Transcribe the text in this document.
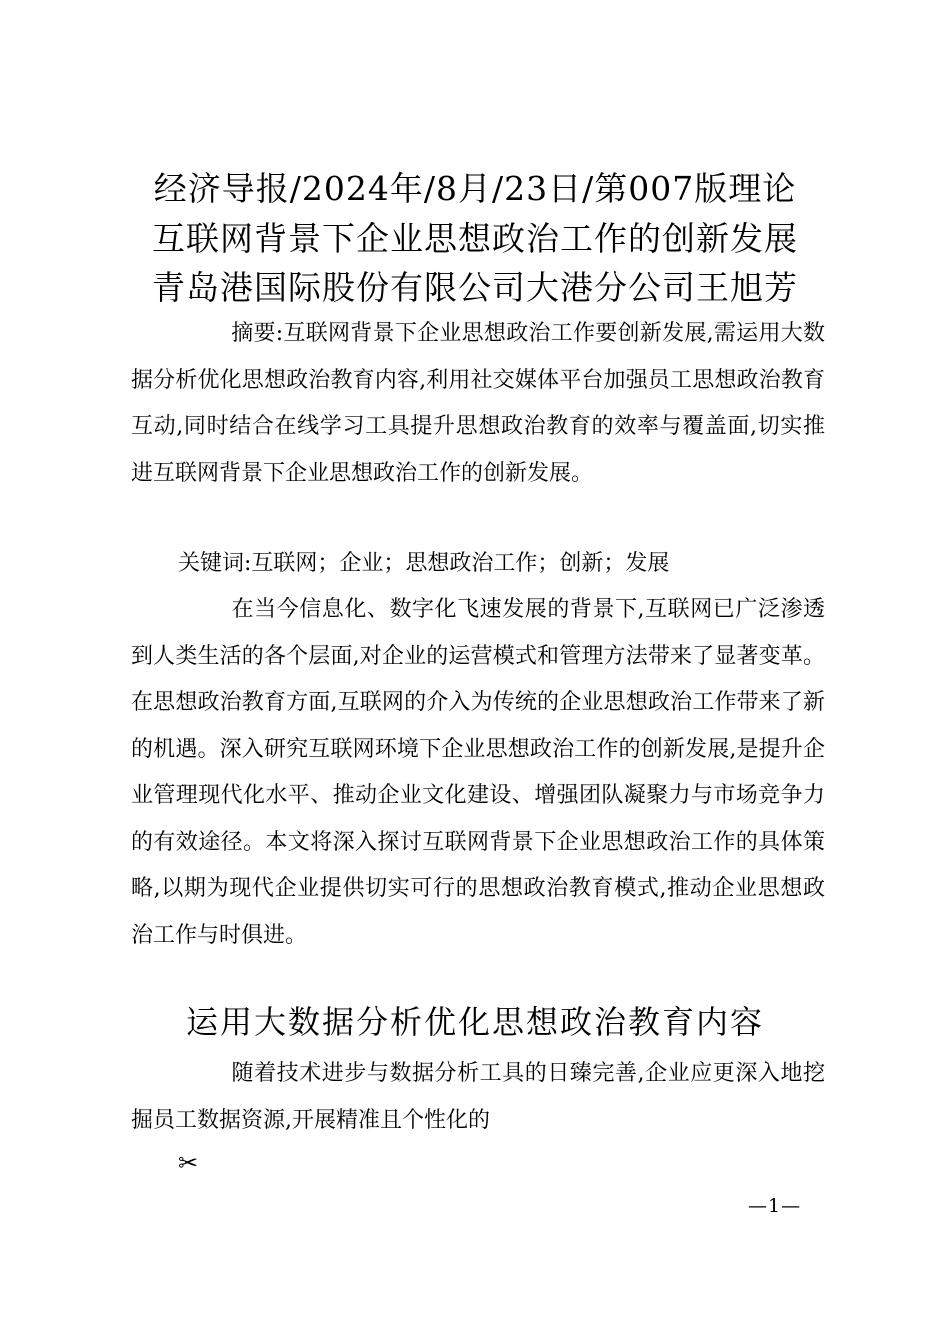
经济导报/2024年/8月/23日/第007版理论
互联网背景下企业思想政治工作的创新发展
青岛港国际股份有限公司大港分公司王旭芳

摘要:互联网背景下企业思想政治工作要创新发展,需运用大数据分析优化思想政治教育内容,利用社交媒体平台加强员工思想政治教育互动,同时结合在线学习工具提升思想政治教育的效率与覆盖面,切实推进互联网背景下企业思想政治工作的创新发展。

关键词:互联网；企业；思想政治工作；创新；发展

在当今信息化、数字化飞速发展的背景下,互联网已广泛渗透到人类生活的各个层面,对企业的运营模式和管理方法带来了显著变革。在思想政治教育方面,互联网的介入为传统的企业思想政治工作带来了新的机遇。深入研究互联网环境下企业思想政治工作的创新发展,是提升企业管理现代化水平、推动企业文化建设、增强团队凝聚力与市场竞争力的有效途径。本文将深入探讨互联网背景下企业思想政治工作的具体策略,以期为现代企业提供切实可行的思想政治教育模式,推动企业思想政治工作与时俱进。

运用大数据分析优化思想政治教育内容

随着技术进步与数据分析工具的日臻完善,企业应更深入地挖掘员工数据资源,开展精准且个性化的

✂
—1—
